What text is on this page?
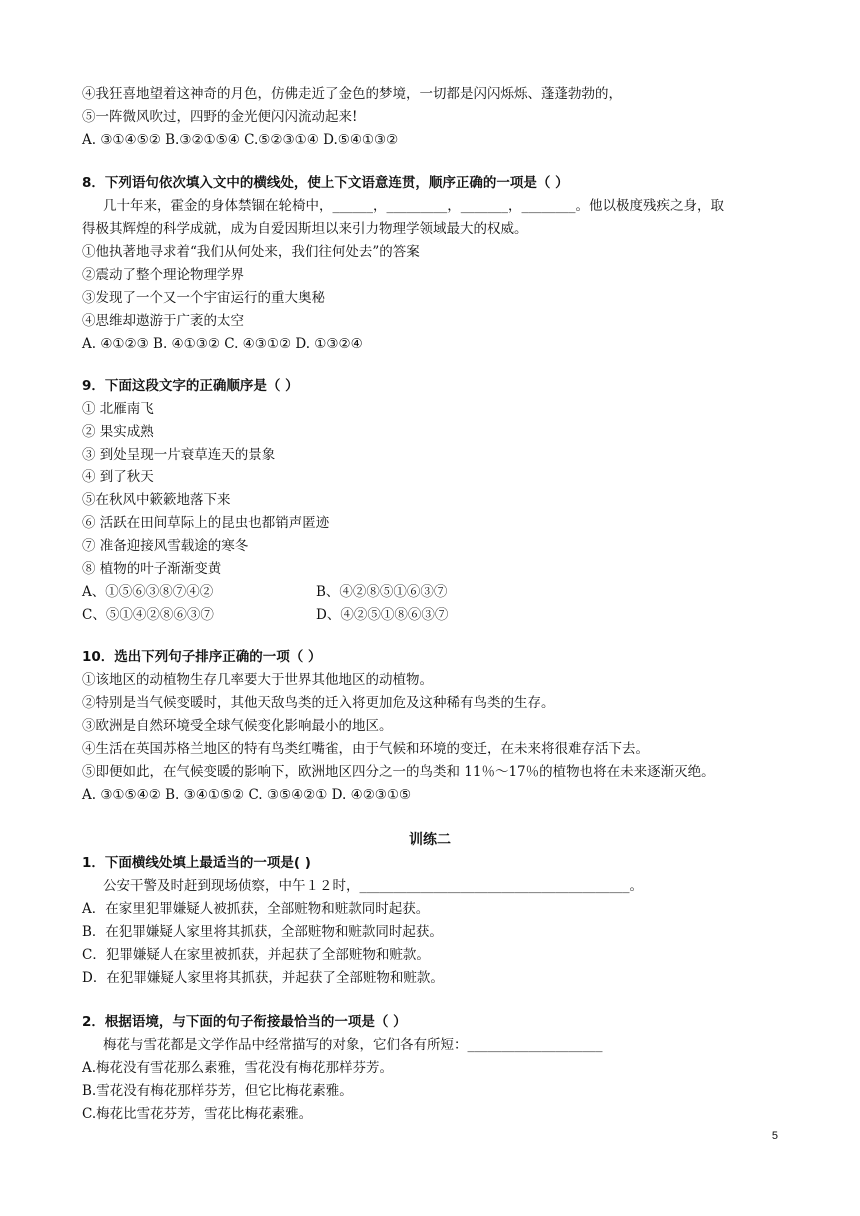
④我狂喜地望着这神奇的月色，仿佛走近了金色的梦境，一切都是闪闪烁烁、蓬蓬勃勃的，
⑤一阵微风吹过，四野的金光便闪闪流动起来!
A. ③①④⑤② B.③②①⑤④ C.⑤②③①④ D.⑤④①③②
8．下列语句依次填入文中的横线处，使上下文语意连贯，顺序正确的一项是（ ）
几十年来，霍金的身体禁锢在轮椅中，______，_________，_______，________。他以极度残疾之身，取
得极其辉煌的科学成就，成为自爱因斯坦以来引力物理学领域最大的权威。
①他执著地寻求着“我们从何处来，我们往何处去”的答案
②震动了整个理论物理学界
③发现了一个又一个宇宙运行的重大奥秘
④思维却遨游于广袤的太空
A. ④①②③ B. ④①③② C. ④③①② D. ①③②④
9．下面这段文字的正确顺序是（ ）
① 北雁南飞
② 果实成熟
③ 到处呈现一片衰草连天的景象
④ 到了秋天
⑤在秋风中簌簌地落下来
⑥ 活跃在田间草际上的昆虫也都销声匿迹
⑦ 准备迎接风雪载途的寒冬
⑧ 植物的叶子渐渐变黄
A、①⑤⑥③⑧⑦④②	B、④②⑧⑤①⑥③⑦
C、⑤①④②⑧⑥③⑦	D、④②⑤①⑧⑥③⑦
10．选出下列句子排序正确的一项（ ）
①该地区的动植物生存几率要大于世界其他地区的动植物。
②特别是当气候变暖时，其他天敌鸟类的迁入将更加危及这种稀有鸟类的生存。
③欧洲是自然环境受全球气候变化影响最小的地区。
④生活在英国苏格兰地区的特有鸟类红嘴雀，由于气候和环境的变迁，在未来将很难存活下去。
⑤即便如此，在气候变暖的影响下，欧洲地区四分之一的鸟类和 11％～17％的植物也将在未来逐渐灭绝。
A. ③①⑤④② B. ③④①⑤② C. ③⑤④②① D. ④②③①⑤
训练二
1．下面横线处填上最适当的一项是( )
公安干警及时赶到现场侦察，中午１２时，________________________________________。
A．在家里犯罪嫌疑人被抓获，全部赃物和赃款同时起获。
B．在犯罪嫌疑人家里将其抓获，全部赃物和赃款同时起获。
C．犯罪嫌疑人在家里被抓获，并起获了全部赃物和赃款。
D．在犯罪嫌疑人家里将其抓获，并起获了全部赃物和赃款。
2．根据语境，与下面的句子衔接最恰当的一项是（ ）
梅花与雪花都是文学作品中经常描写的对象，它们各有所短：____________________
A.梅花没有雪花那么素雅，雪花没有梅花那样芬芳。
B.雪花没有梅花那样芬芳，但它比梅花素雅。
C.梅花比雪花芬芳，雪花比梅花素雅。
5
